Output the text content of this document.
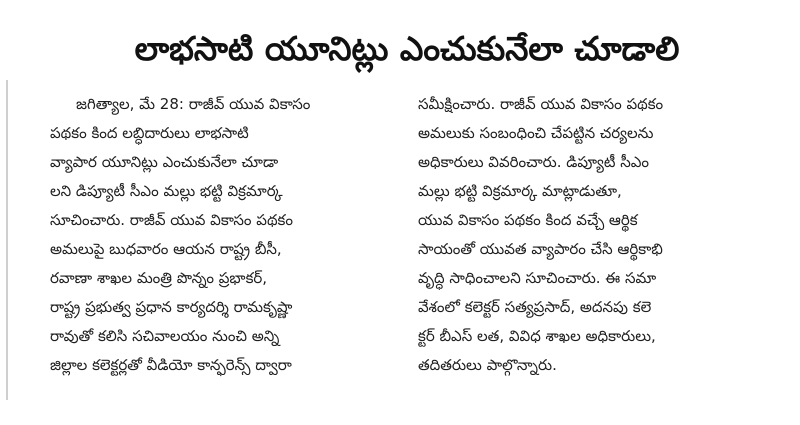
లాభసాటి యూనిట్లు ఎంచుకునేలా చూడాలి
జగిత్యాల, మే 28: రాజీవ్ యువ వికాసం
పథకం కింద లబ్ధిదారులు లాభసాటి
వ్యాపార యూనిట్లు ఎంచుకునేలా చూడా
లని డిప్యూటీ సీఎం మల్లు భట్టి విక్రమార్క
సూచించారు. రాజీవ్ యువ వికాసం పథకం
అమలుపై బుధవారం ఆయన రాష్ట్ర బీసీ,
రవాణా శాఖల మంత్రి పొన్నం ప్రభాకర్,
రాష్ట్ర ప్రభుత్వ ప్రధాన కార్యదర్శి రామకృష్ణా
రావుతో కలిసి సచివాలయం నుంచి అన్ని
జిల్లాల కలెక్టర్లతో వీడియో కాన్ఫరెన్స్ ద్వారా
సమీక్షించారు. రాజీవ్ యువ వికాసం పథకం
అమలుకు సంబంధించి చేపట్టిన చర్యలను
అధికారులు వివరించారు. డిప్యూటీ సీఎం
మల్లు భట్టి విక్రమార్క మాట్లాడుతూ,
యువ వికాసం పథకం కింద వచ్చే ఆర్థిక
సాయంతో యువత వ్యాపారం చేసి ఆర్థికాభి
వృద్ధి సాధించాలని సూచించారు. ఈ సమా
వేశంలో కలెక్టర్ సత్యప్రసాద్, అదనపు కలె
క్టర్ బీఎస్ లత, వివిధ శాఖల అధికారులు,
తదితరులు పాల్గొన్నారు.
